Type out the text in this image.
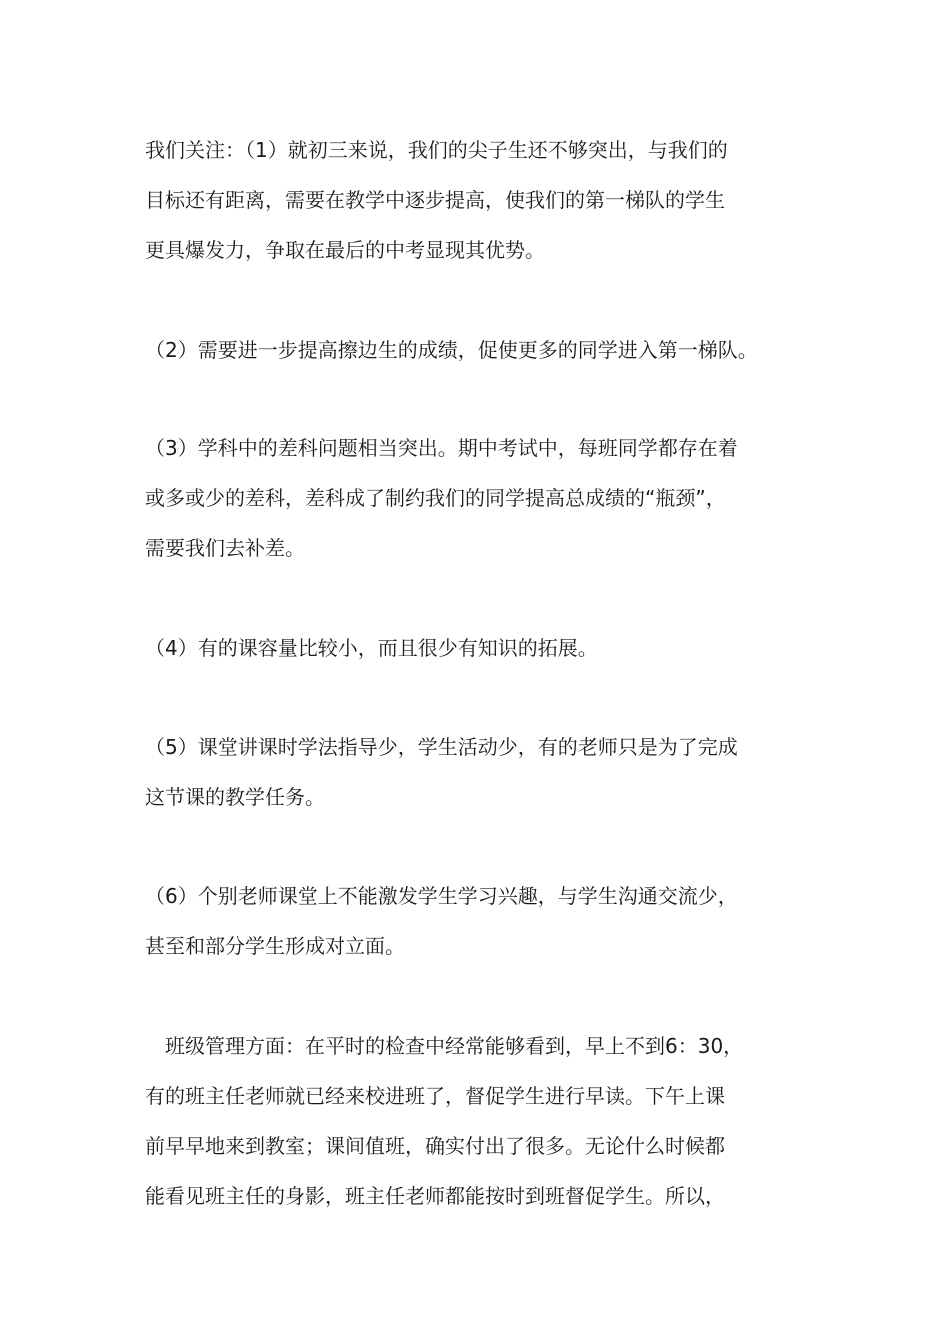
我们关注：（1）就初三来说，我们的尖子生还不够突出，与我们的
目标还有距离，需要在教学中逐步提高，使我们的第一梯队的学生
更具爆发力，争取在最后的中考显现其优势。
（2）需要进一步提高擦边生的成绩，促使更多的同学进入第一梯队。
（3）学科中的差科问题相当突出。期中考试中，每班同学都存在着
或多或少的差科，差科成了制约我们的同学提高总成绩的“瓶颈”，
需要我们去补差。
（4）有的课容量比较小，而且很少有知识的拓展。
（5）课堂讲课时学法指导少，学生活动少，有的老师只是为了完成
这节课的教学任务。
（6）个别老师课堂上不能激发学生学习兴趣，与学生沟通交流少，
甚至和部分学生形成对立面。
　班级管理方面：在平时的检查中经常能够看到，早上不到6：30，
有的班主任老师就已经来校进班了，督促学生进行早读。下午上课
前早早地来到教室；课间值班，确实付出了很多。无论什么时候都
能看见班主任的身影，班主任老师都能按时到班督促学生。所以，
